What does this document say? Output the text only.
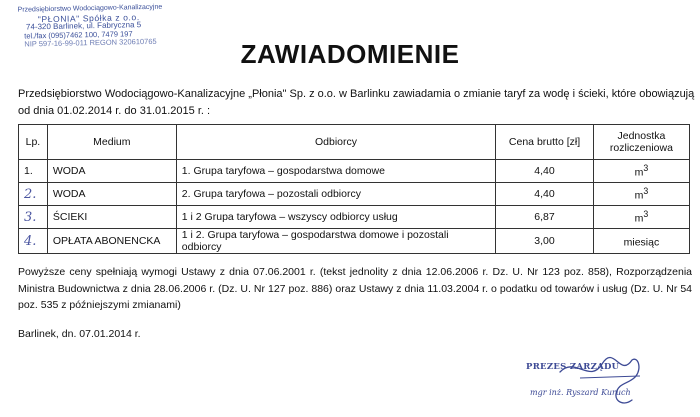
Przedsiębiorstwo Wodociągowo-Kanalizacyjne
"PŁONIA" Spółka z o.o.
74-320 Barlinek, ul. Fabryczna 5
tel./fax (095)7462 100, 7479 197
NIP 597-16-99-011 REGON 320610765	ZAWIADOMIENIE
Przedsiębiorstwo Wodociągowo-Kanalizacyjne „Płonia" Sp. z o.o. w Barlinku zawiadamia o zmianie taryf za wodę i ścieki, które obowiązują od dnia 01.02.2014 r. do 31.01.2015 r. :
Lp.	Medium	Odbiorcy	Cena brutto [zł]	Jednostka
rozliczeniowa
1.	WODA	1. Grupa taryfowa – gospodarstwa domowe	4,40	$m^3$
2.	WODA	2. Grupa taryfowa – pozostali odbiorcy	4,40	$m^3$
3.	ŚCIEKI	1 i 2 Grupa taryfowa – wszyscy odbiorcy usług	6,87	$m^3$
4.	OPŁATA ABONENCKA	1 i 2. Grupa taryfowa – gospodarstwa domowe i pozostali odbiorcy	3,00	miesiąc
Powyższe ceny spełniają wymogi Ustawy z dnia 07.06.2001 r. (tekst jednolity z dnia 12.06.2006 r. Dz. U. Nr 123 poz. 858), Rozporządzenia Ministra Budownictwa z dnia 28.06.2006 r. (Dz. U. Nr 127 poz. 886) oraz Ustawy z dnia 11.03.2004 r. o podatku od towarów i usług (Dz. U. Nr 54 poz. 535 z późniejszymi zmianami)
Barlinek, dn. 07.01.2014 r.
PREZES ZARZĄDU
mgr inż. Ryszard Kuruch
